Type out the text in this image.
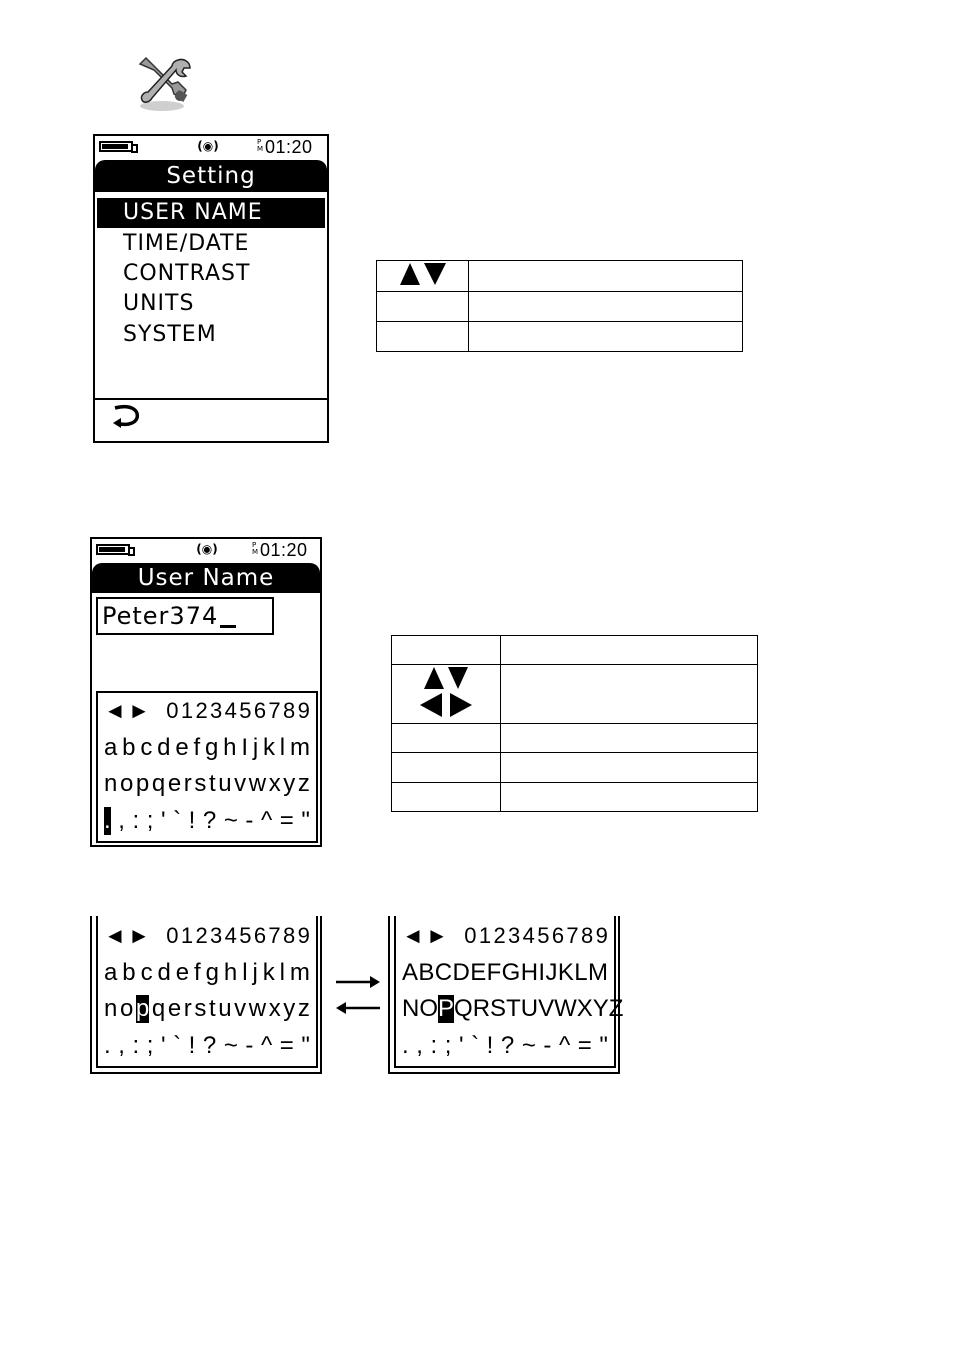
(◉)	P
M 01:20
Setting
USER NAME
TIME/DATE
CONTRAST
UNITS
SYSTEM

(◉)	P
M 01:20
User Name
Peter374
◄ ► 0 1 2 3 4 5 6 7 8 9
a b c d e f g h I j k l m
n o p q e r s t u v w x y z
. , : ; ' ` ! ? ~ - ^ = "

◄ ► 0 1 2 3 4 5 6 7 8 9
a b c d e f g h l j k l m
n o p q e r s t u v w x y z
. , : ; ' ` ! ? ~ - ^ = "
◄ ► 0 1 2 3 4 5 6 7 8 9
A B C D E F G H I J K L M
N O P Q R S T U V W X Y Z
. , : ; ' ` ! ? ~ - ^ = "
